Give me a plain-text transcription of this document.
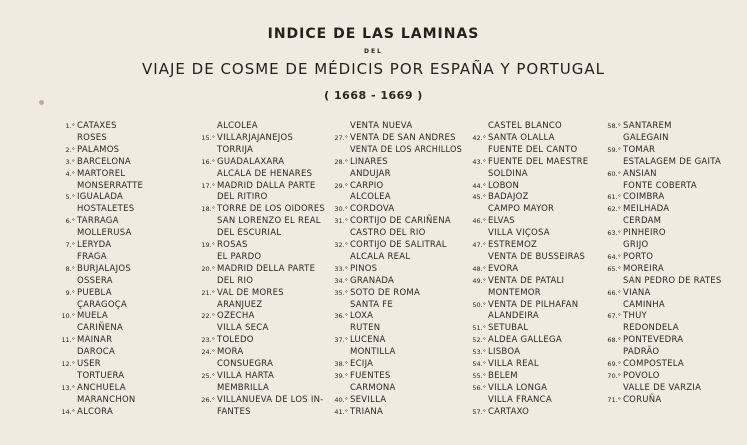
INDICE DE LAS LAMINAS
DEL
VIAJE DE COSME DE MÉDICIS POR ESPAÑA Y PORTUGAL
( 1668 - 1669 )
1.° CATAXES
ROSES
2.° PALAMOS
3.° BARCELONA
4.° MARTOREL
MONSERRATTE
5.° IGUALADA
HOSTALETES
6.° TARRAGA
MOLLERUSA
7.° LERYDA
FRAGA
8.° BURJALAJOS
OSSERA
9.° PUEBLA
ÇARAGOÇA
10.° MUELA
CARIÑENA
11.° MAINAR
DAROCA
12.° USER
TORTUERA
13.° ANCHUELA
MARANCHON
14.° ALCORA
ALCOLEA
15.° VILLARJAJANEJOS
TORRIJA
16.° GUADALAXARA
ALCALA DE HENARES
17.° MADRID DALLA PARTE
DEL RITIRO
18.° TORRE DE LOS OIDORES
SAN LORENZO EL REAL
DEL ESCURIAL
19.° ROSAS
EL PARDO
20.° MADRID DELLA PARTE
DEL RIO
21.° VAL DE MORES
ARANJUEZ
22.° OZECHA
VILLA SECA
23.° TOLEDO
24.° MORA
CONSUEGRA
25.° VILLA HARTA
MEMBRILLA
26.° VILLANUEVA DE LOS IN-
FANTES
VENTA NUEVA
27.° VENTA DE SAN ANDRES
VENTA DE LOS ARCHILLOS
28.° LINARES
ANDUJAR
29.° CARPIO
ALCOLEA
30.° CORDOVA
31.° CORTIJO DE CARIÑENA
CASTRO DEL RIO
32.° CORTIJO DE SALITRAL
ALCALA REAL
33.° PINOS
34.° GRANADA
35.° SOTO DE ROMA
SANTA FE
36.° LOXA
RUTEN
37.° LUCENA
MONTILLA
38.° ECIJA
39.° FUENTES
CARMONA
40.° SEVILLA
41.° TRIANA
CASTEL BLANCO
42.° SANTA OLALLA
FUENTE DEL CANTO
43.° FUENTE DEL MAESTRE
SOLDINA
44.° LOBON
45.° BADAJOZ
CAMPO MAYOR
46.° ELVAS
VILLA VIÇOSA
47.° ESTREMOZ
VENTA DE BUSSEIRAS
48.° EVORA
49.° VENTA DE PATALI
MONTEMOR
50.° VENTA DE PILHAFAN
ALANDEIRA
51.° SETUBAL
52.° ALDEA GALLEGA
53.° LISBOA
54.° VILLA REAL
55.° BELEM
56.° VILLA LONGA
VILLA FRANCA
57.° CARTAXO
58.° SANTAREM
GALEGAIN
59.° TOMAR
ESTALAGEM DE GAITA
60.° ANSIAN
FONTE COBERTA
61.° COIMBRA
62.° MEILHADA
CERDAM
63.° PINHEIRO
GRIJO
64.° PORTO
65.° MOREIRA
SAN PEDRO DE RATES
66.° VIANA
CAMINHA
67.° THUY
REDONDELA
68.° PONTEVEDRA
PADRÃO
69.° COMPOSTELA
70.° POVOLO
VALLE DE VARZIA
71.° CORUÑA
